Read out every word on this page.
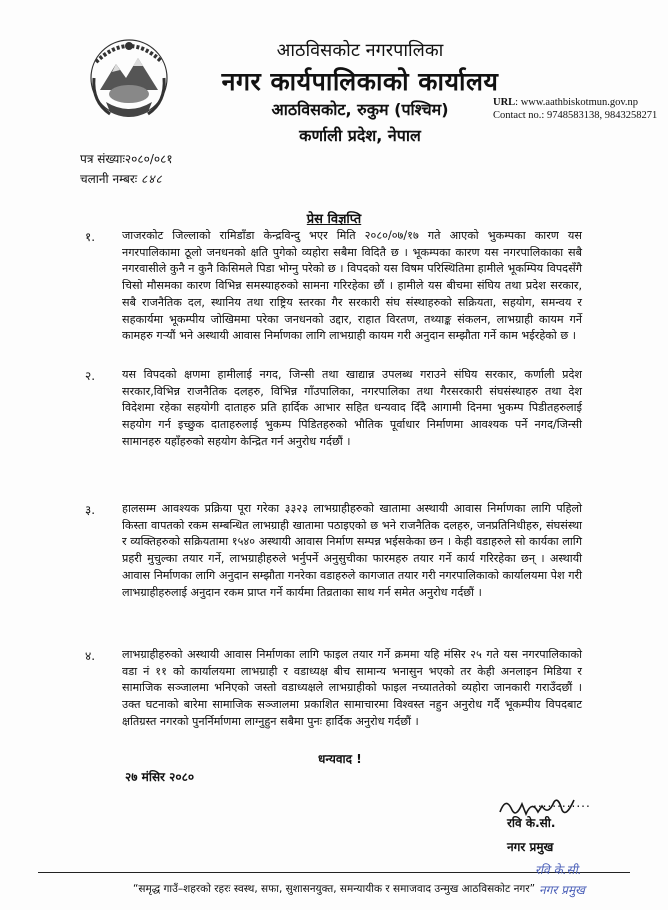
आठविसकोट नगरपालिका
नगर कार्यपालिकाको कार्यालय
आठविसकोट, रुकुम (पश्चिम)
कर्णाली प्रदेश, नेपाल
URL: www.aathbiskotmun.gov.np
Contact no.: 9748583138, 9843258271
पत्र संख्याः२०८०/०८१
चलानी नम्बरः ८४८
प्रेस विज्ञप्ति
१. जाजरकोट जिल्लाको रामिडाँडा केन्द्रविन्दु भएर मिति २०८०/०७/१७ गते आएको भुकम्पका कारण यस नगरपालिकामा ठूलो जनधनको क्षति पुगेको व्यहोरा सबैमा विदितै छ । भूकम्पका कारण यस नगरपालिकाका सबै नगरवासीले कुनै न कुनै किसिमले पिडा भोग्नु परेको छ । विपदको यस विषम परिस्थितिमा हामीले भूकम्पिय विपदसँगै चिसो मौसमका कारण विभिन्न समस्याहरुको सामना गरिरहेका छौं । हामीले यस बीचमा संघिय तथा प्रदेश सरकार, सबै राजनैतिक दल, स्थानिय तथा राष्ट्रिय स्तरका गैर सरकारी संघ संस्थाहरुको सक्रियता, सहयोग, समन्वय र सहकार्यमा भूकम्पीय जोखिममा परेका जनधनको उद्दार, राहात विरतण, तथ्याङ्क संकलन, लाभग्राही कायम गर्ने कामहरु गर्‍यौं भने अस्थायी आवास निर्माणका लागि लाभग्राही कायम गरी अनुदान सम्झौता गर्ने काम भईरहेको छ ।
२. यस विपदको क्षणमा हामीलाई नगद, जिन्सी तथा खाद्यान्न उपलब्ध गराउने संघिय सरकार, कर्णाली प्रदेश सरकार,विभिन्न राजनैतिक दलहरु, विभिन्न गाँउपालिका, नगरपालिका तथा गैरसरकारी संघसंस्थाहरु तथा देश विदेशमा रहेका सहयोगी दाताहरु प्रति हार्दिक आभार सहित धन्यवाद दिँदै आगामी दिनमा भुकम्प पिडीतहरुलाई सहयोग गर्न इच्छुक दाताहरुलाई भुकम्प पिडितहरुको भौतिक पूर्वाधार निर्माणमा आवश्यक पर्ने नगद/जिन्सी सामानहरु यहाँहरुको सहयोग केन्द्रित गर्न अनुरोध गर्दछौं ।
३. हालसम्म आवश्यक प्रक्रिया पूरा गरेका ३३२३ लाभग्राहीहरुको खातामा अस्थायी आवास निर्माणका लागि पहिलो किस्ता वापतको रकम सम्बन्धित लाभग्राही खातामा पठाइएको छ भने राजनैतिक दलहरु, जनप्रतिनिधीहरु, संघसंस्था र व्यक्तिहरुको सक्रियतामा १५४० अस्थायी आवास निर्माण सम्पन्न भईसकेका छन । केही वडाहरुले सो कार्यका लागि प्रहरी मुचुल्का तयार गर्ने, लाभग्राहीहरुले भर्नुपर्ने अनुसुचीका फारमहरु तयार गर्ने कार्य गरिरहेका छन् । अस्थायी आवास निर्माणका लागि अनुदान सम्झौता गनरेका वडाहरुले कागजात तयार गरी नगरपालिकाको कार्यालयमा पेश गरी लाभग्राहीहरुलाई अनुदान रकम प्राप्त गर्ने कार्यमा तिव्रताका साथ गर्न समेत अनुरोध गर्दछौं ।
४. लाभग्राहीहरुको अस्थायी आवास निर्माणका लागि फाइल तयार गर्ने क्रममा यहि मंसिर २५ गते यस नगरपालिकाको वडा नं ११ को कार्यालयमा लाभग्राही र वडाध्यक्ष बीच सामान्य भनासुन भएको तर केही अनलाइन मिडिया र सामाजिक सञ्जालमा भनिएको जस्तो वडाध्यक्षले लाभग्राहीको फाइल नच्याततेको व्यहोरा जानकारी गराउँदछौं । उक्त घटनाको बारेमा सामाजिक सञ्जालमा प्रकाशित सामाचारमा विश्वस्त नहुन अनुरोध गर्दै भूकम्पीय विपदबाट क्षतिग्रस्त नगरको पुनर्निर्माणमा लाग्नुहुन सबैमा पुनः हार्दिक अनुरोध गर्दछौं ।
धन्यवाद !
२७ मंसिर २०८०
............
रवि के.सी.
नगर प्रमुख
“समृद्ध गाउँ–शहरको रहरः स्वस्थ, सफा, सुशासनयुक्त, समन्यायीक र समाजवाद उन्मुख आठविसकोट नगर”
रवि के.सी.
नगर प्रमुख
